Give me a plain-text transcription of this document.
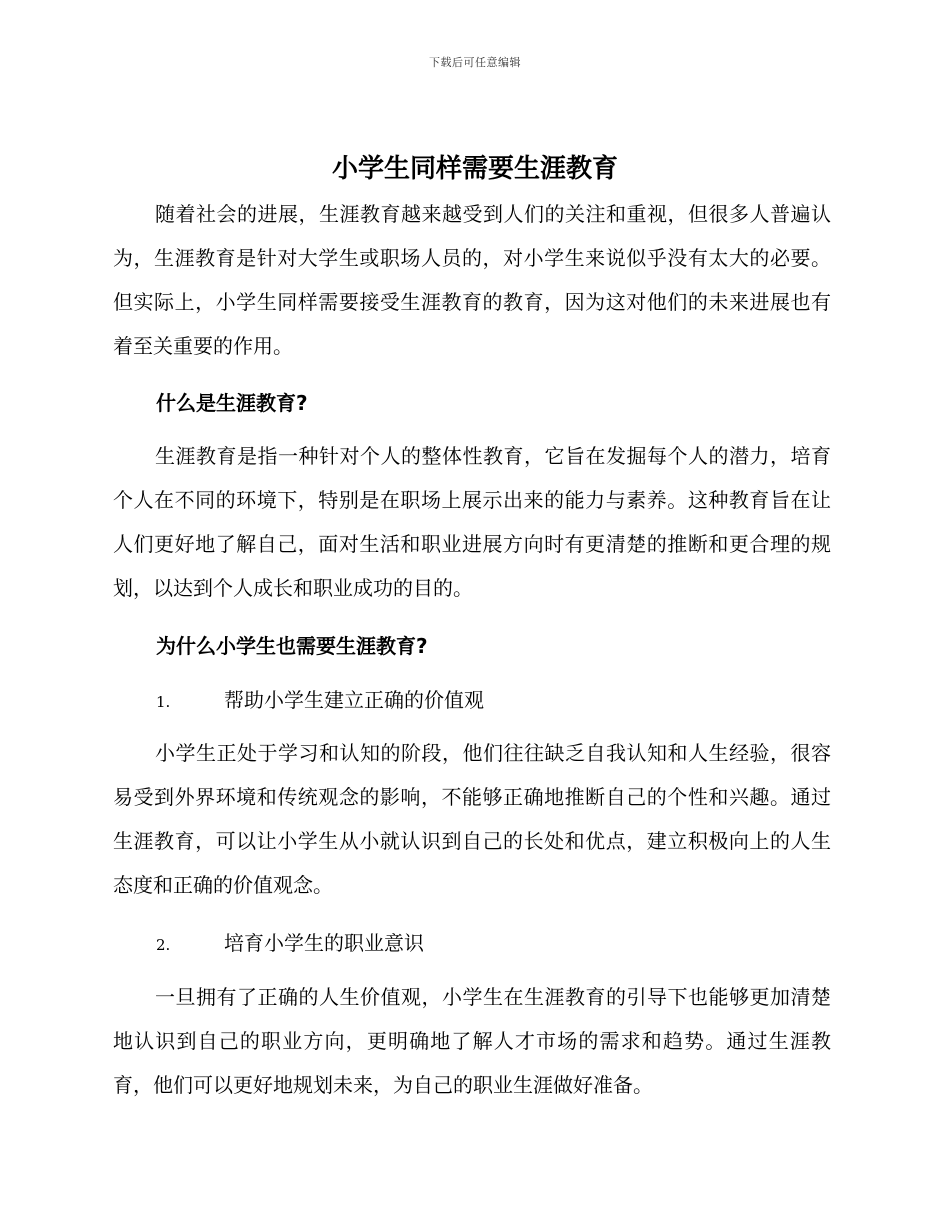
下载后可任意编辑
小学生同样需要生涯教育

随着社会的进展，生涯教育越来越受到人们的关注和重视，但很多人普遍认为，生涯教育是针对大学生或职场人员的，对小学生来说似乎没有太大的必要。但实际上，小学生同样需要接受生涯教育的教育，因为这对他们的未来进展也有着至关重要的作用。

什么是生涯教育?

生涯教育是指一种针对个人的整体性教育，它旨在发掘每个人的潜力，培育个人在不同的环境下，特别是在职场上展示出来的能力与素养。这种教育旨在让人们更好地了解自己，面对生活和职业进展方向时有更清楚的推断和更合理的规划，以达到个人成长和职业成功的目的。

为什么小学生也需要生涯教育?
1.	帮助小学生建立正确的价值观

小学生正处于学习和认知的阶段，他们往往缺乏自我认知和人生经验，很容易受到外界环境和传统观念的影响，不能够正确地推断自己的个性和兴趣。通过生涯教育，可以让小学生从小就认识到自己的长处和优点，建立积极向上的人生态度和正确的价值观念。

2.	培育小学生的职业意识

一旦拥有了正确的人生价值观，小学生在生涯教育的引导下也能够更加清楚地认识到自己的职业方向，更明确地了解人才市场的需求和趋势。通过生涯教育，他们可以更好地规划未来，为自己的职业生涯做好准备。
